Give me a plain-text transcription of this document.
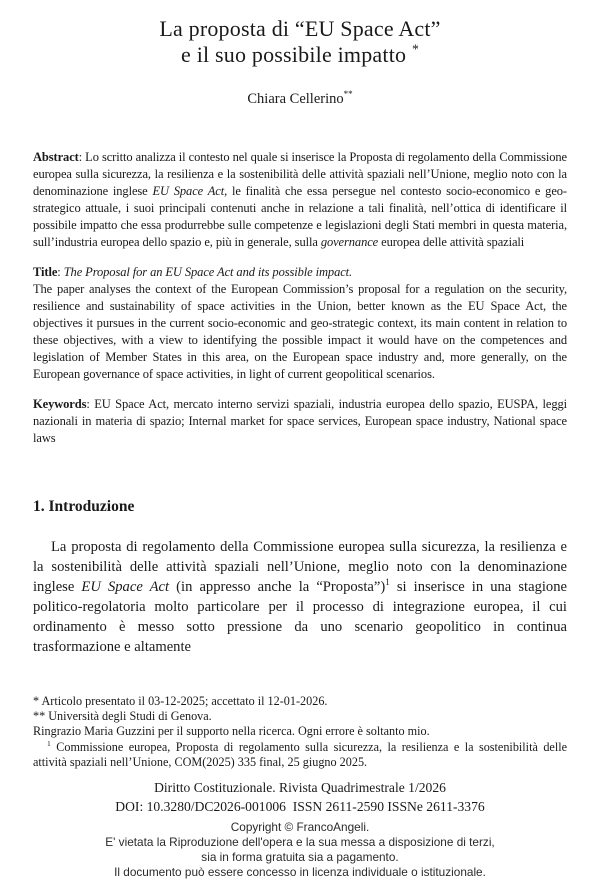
La proposta di “EU Space Act”
e il suo possibile impatto *
Chiara Cellerino**

Abstract: Lo scritto analizza il contesto nel quale si inserisce la Proposta di regolamento della Commissione europea sulla sicurezza, la resilienza e la sostenibilità delle attività spaziali nell’Unione, meglio noto con la denominazione inglese EU Space Act, le finalità che essa persegue nel contesto socio-economico e geo-strategico attuale, i suoi principali contenuti anche in relazione a tali finalità, nell’ottica di identificare il possibile impatto che essa produrrebbe sulle competenze e legislazioni degli Stati membri in questa materia, sull’industria europea dello spazio e, più in generale, sulla governance europea delle attività spaziali

Title: The Proposal for an EU Space Act and its possible impact.

The paper analyses the context of the European Commission’s proposal for a regulation on the security, resilience and sustainability of space activities in the Union, better known as the EU Space Act, the objectives it pursues in the current socio-economic and geo-strategic context, its main content in relation to these objectives, with a view to identifying the possible impact it would have on the competences and legislation of Member States in this area, on the European space industry and, more generally, on the European governance of space activities, in light of current geopolitical scenarios.

Keywords: EU Space Act, mercato interno servizi spaziali, industria europea dello spazio, EUSPA, leggi nazionali in materia di spazio; Internal market for space services, European space industry, National space laws

1. Introduzione

La proposta di regolamento della Commissione europea sulla sicurezza, la resilienza e la sostenibilità delle attività spaziali nell’Unione, meglio noto con la denominazione inglese EU Space Act (in appresso anche la “Proposta”)$^1$ si inserisce in una stagione politico-regolatoria molto particolare per il processo di integrazione europea, il cui ordinamento è messo sotto pressione da uno scenario geopolitico in continua trasformazione e altamente

* Articolo presentato il 03-12-2025; accettato il 12-01-2026.

** Università degli Studi di Genova.

Ringrazio Maria Guzzini per il supporto nella ricerca. Ogni errore è soltanto mio.

$^1$ Commissione europea, Proposta di regolamento sulla sicurezza, la resilienza e la sostenibilità delle attività spaziali nell’Unione, COM(2025) 335 final, 25 giugno 2025.

Diritto Costituzionale. Rivista Quadrimestrale 1/2026
DOI: 10.3280/DC2026-001006  ISSN 2611-2590 ISSNe 2611-3376
Copyright © FrancoAngeli.
E' vietata la Riproduzione dell'opera e la sua messa a disposizione di terzi,
sia in forma gratuita sia a pagamento.
Il documento può essere concesso in licenza individuale o istituzionale.
